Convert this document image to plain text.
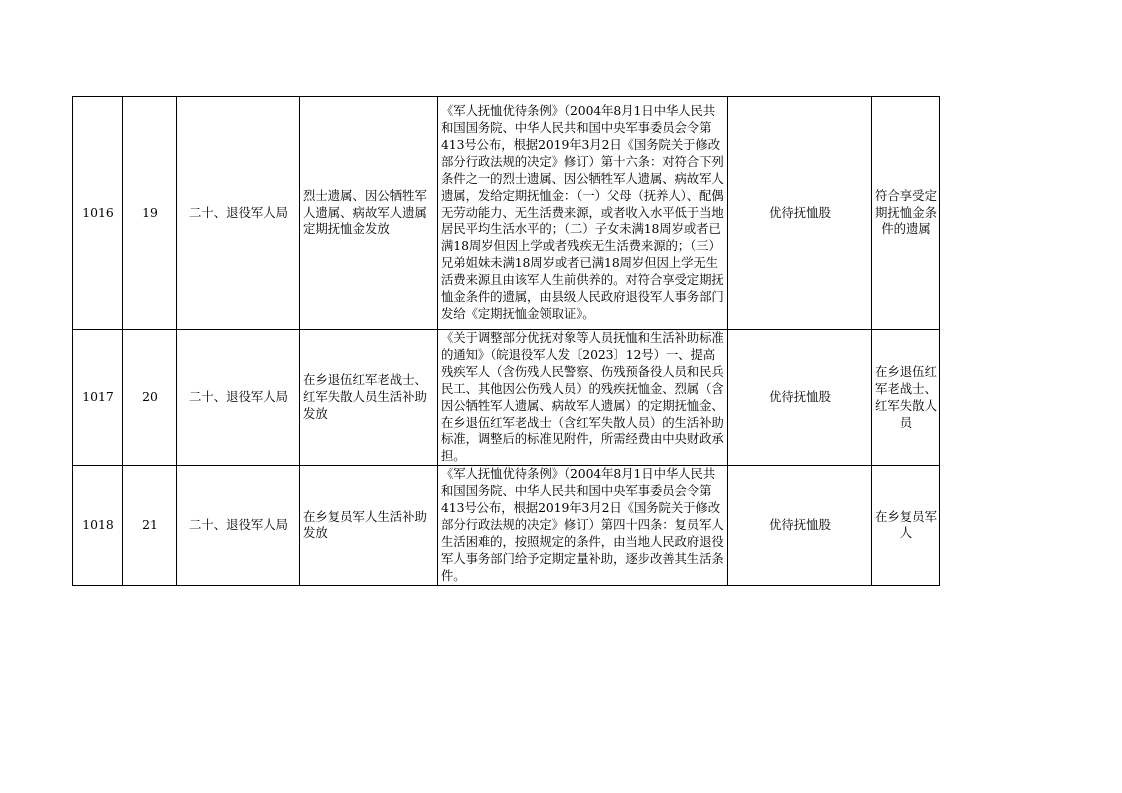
1016	19	二十、退役军人局	烈士遗属、因公牺牲军人遗属、病故军人遗属定期抚恤金发放	《军人抚恤优待条例》（2004年8月1日中华人民共和国国务院、中华人民共和国中央军事委员会令第413号公布，根据2019年3月2日《国务院关于修改部分行政法规的决定》修订）第十六条：对符合下列条件之一的烈士遗属、因公牺牲军人遗属、病故军人遗属，发给定期抚恤金：（一）父母（抚养人）、配偶无劳动能力、无生活费来源，或者收入水平低于当地居民平均生活水平的；（二）子女未满18周岁或者已满18周岁但因上学或者残疾无生活费来源的；（三）兄弟姐妹未满18周岁或者已满18周岁但因上学无生活费来源且由该军人生前供养的。对符合享受定期抚恤金条件的遗属，由县级人民政府退役军人事务部门发给《定期抚恤金领取证》。	优待抚恤股	符合享受定期抚恤金条件的遗属
1017	20	二十、退役军人局	在乡退伍红军老战士、红军失散人员生活补助发放	《关于调整部分优抚对象等人员抚恤和生活补助标准的通知》（皖退役军人发〔2023〕12号）一、提高残疾军人（含伤残人民警察、伤残预备役人员和民兵民工、其他因公伤残人员）的残疾抚恤金、烈属（含因公牺牲军人遗属、病故军人遗属）的定期抚恤金、在乡退伍红军老战士（含红军失散人员）的生活补助标准，调整后的标准见附件，所需经费由中央财政承担。	优待抚恤股	在乡退伍红军老战士、红军失散人员
1018	21	二十、退役军人局	在乡复员军人生活补助发放	《军人抚恤优待条例》（2004年8月1日中华人民共和国国务院、中华人民共和国中央军事委员会令第413号公布，根据2019年3月2日《国务院关于修改部分行政法规的决定》修订）第四十四条：复员军人生活困难的，按照规定的条件，由当地人民政府退役军人事务部门给予定期定量补助，逐步改善其生活条件。	优待抚恤股	在乡复员军人
